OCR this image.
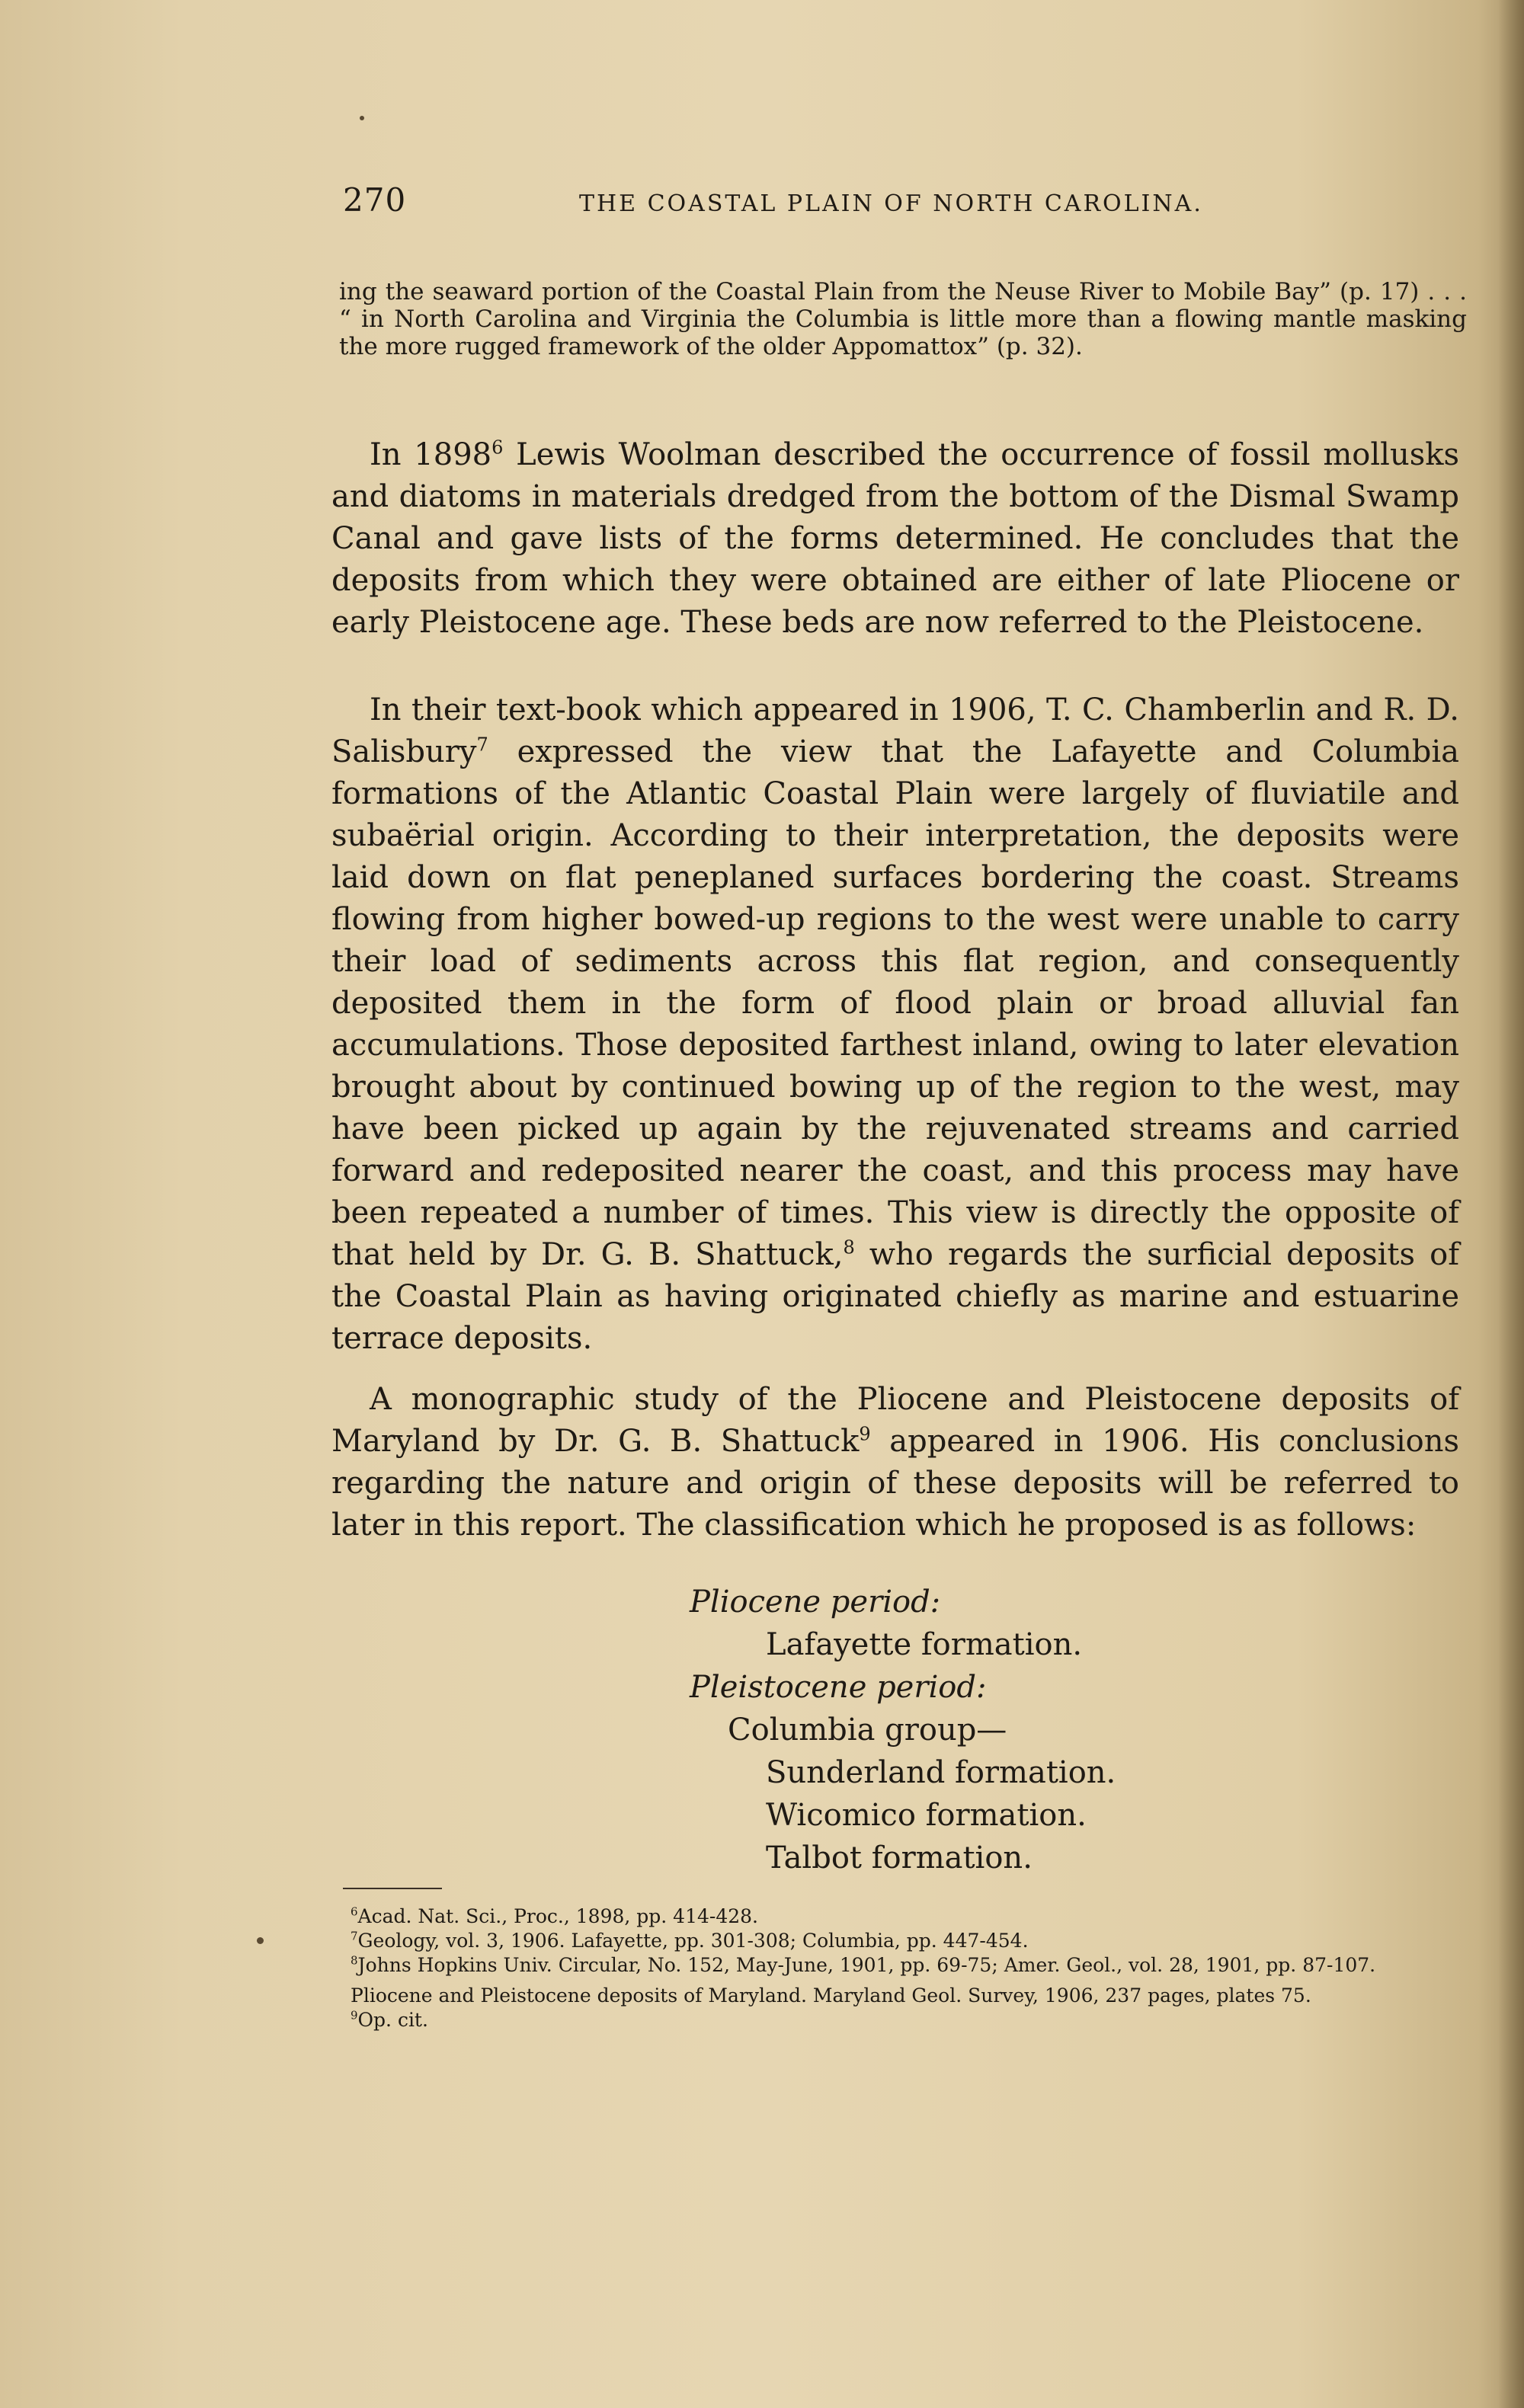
270	THE COASTAL PLAIN OF NORTH CAROLINA.
ing the seaward portion of the Coastal Plain from the Neuse River to Mobile Bay” (p. 17) . . . “ in North Carolina and Virginia the Columbia is little more than a flowing mantle masking the more rugged framework of the older Appomattox” (p. 32).

In 1898$^6$ Lewis Woolman described the occurrence of fossil mollusks and diatoms in materials dredged from the bottom of the Dismal Swamp Canal and gave lists of the forms determined. He concludes that the deposits from which they were obtained are either of late Pliocene or early Pleistocene age. These beds are now referred to the Pleistocene.

In their text-book which appeared in 1906, T. C. Chamberlin and R. D. Salisbury$^7$ expressed the view that the Lafayette and Columbia formations of the Atlantic Coastal Plain were largely of fluviatile and subaërial origin. According to their interpretation, the deposits were laid down on flat peneplaned surfaces bordering the coast. Streams flowing from higher bowed-up regions to the west were unable to carry their load of sediments across this flat region, and consequently deposited them in the form of flood plain or broad alluvial fan accumulations. Those deposited farthest inland, owing to later elevation brought about by continued bowing up of the region to the west, may have been picked up again by the rejuvenated streams and carried forward and redeposited nearer the coast, and this process may have been repeated a number of times. This view is directly the opposite of that held by Dr. G. B. Shattuck,$^8$ who regards the surficial deposits of the Coastal Plain as having originated chiefly as marine and estuarine terrace deposits.

A monographic study of the Pliocene and Pleistocene deposits of Maryland by Dr. G. B. Shattuck$^9$ appeared in 1906. His conclusions regarding the nature and origin of these deposits will be referred to later in this report. The classification which he proposed is as follows:

Pliocene period:
Lafayette formation.
Pleistocene period:
Columbia group—
Sunderland formation.
Wicomico formation.
Talbot formation.

$^6$Acad. Nat. Sci., Proc., 1898, pp. 414-428.

$^7$Geology, vol. 3, 1906. Lafayette, pp. 301-308; Columbia, pp. 447-454.

$^8$Johns Hopkins Univ. Circular, No. 152, May-June, 1901, pp. 69-75; Amer. Geol., vol. 28, 1901, pp. 87-107.

Pliocene and Pleistocene deposits of Maryland. Maryland Geol. Survey, 1906, 237 pages, plates 75.

$^9$Op. cit.
